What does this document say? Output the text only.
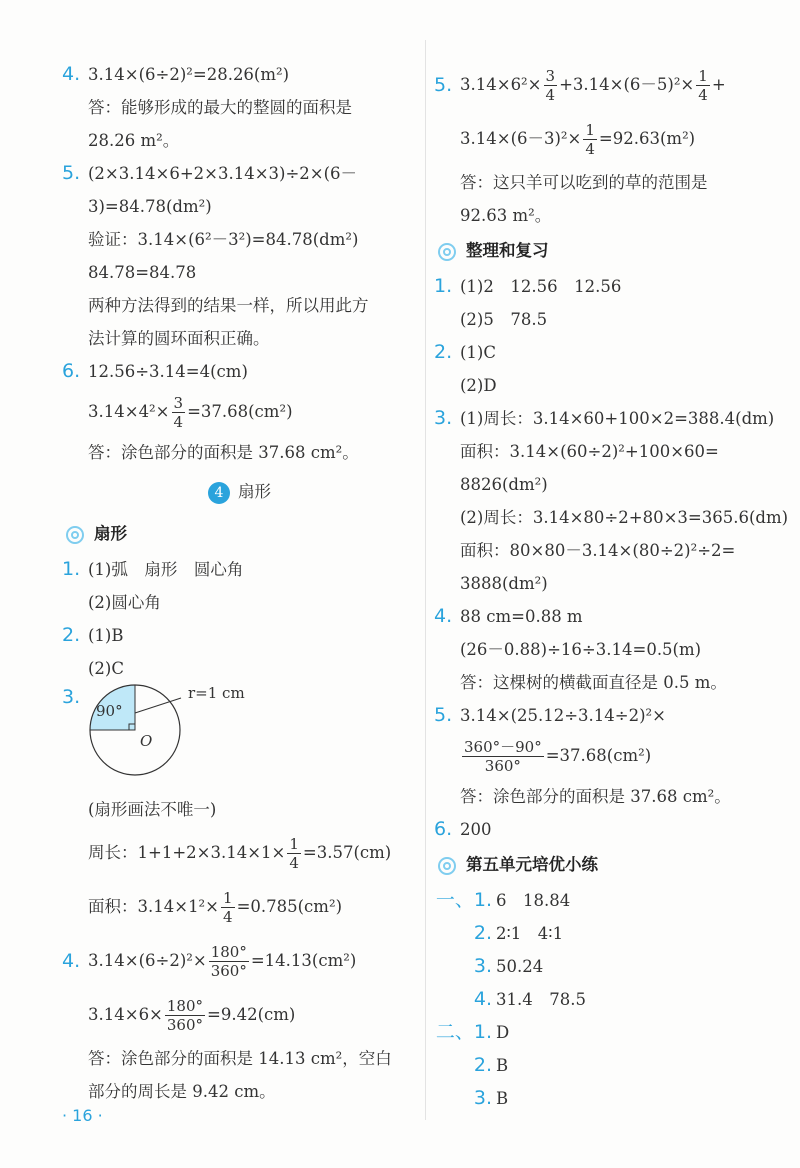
4. 3.14×(6÷2)²=28.26(m²)
答：能够形成的最大的整圆的面积是
28.26 m²。
5. (2×3.14×6+2×3.14×3)÷2×(6－
3)=84.78(dm²)
验证：3.14×(6²－3²)=84.78(dm²)
84.78=84.78
两种方法得到的结果一样，所以用此方
法计算的圆环面积正确。
6. 12.56÷3.14=4(cm)
$3.14\times 4^2\times \frac{3}{4} =37.68(cm^2)$
答：涂色部分的面积是 37.68 cm²。
4 扇形
扇形
1. (1)弧　扇形　圆心角
(2)圆心角
2. (1)B
(2)C
3.
90°
r=1 cm
O
(扇形画法不唯一)
周长：$1+1+2\times 3.14\times 1\times \frac{1}{4} =3.57(cm)$
面积：$3.14\times 1^2\times \frac{1}{4} =0.785(cm^2)$
4. $3.14\times(6\div 2)^2\times \frac{180^\circ}{360^\circ} =14.13(cm^2)$
$3.14\times 6\times \frac{180^\circ}{360^\circ} =9.42(cm)$
答：涂色部分的面积是 14.13 cm²，空白
部分的周长是 9.42 cm。
5. $3.14\times 6^2\times \frac{3}{4} +3.14\times(6-5)^2\times \frac{1}{4}$ +
$3.14\times(6-3)^2\times \frac{1}{4} =92.63(m^2)$
答：这只羊可以吃到的草的范围是
92.63 m²。
整理和复习
1. (1)2　12.56　12.56
(2)5　78.5
2. (1)C
(2)D
3. (1)周长：3.14×60+100×2=388.4(dm)
面积：3.14×(60÷2)²+100×60=
8826(dm²)
(2)周长：3.14×80÷2+80×3=365.6(dm)
面积：80×80－3.14×(80÷2)²÷2=
3888(dm²)
4. 88 cm=0.88 m
(26－0.88)÷16÷3.14=0.5(m)
答：这棵树的横截面直径是 0.5 m。
5. 3.14×(25.12÷3.14÷2)²×
$\frac{360^\circ-90^\circ}{360^\circ} =37.68(cm^2)$
答：涂色部分的面积是 37.68 cm²。
6. 200
第五单元培优小练
一、1. 6　18.84
2. 2∶1　4∶1
3. 50.24
4. 31.4　78.5
二、1. D
2. B
3. B
· 16 ·
